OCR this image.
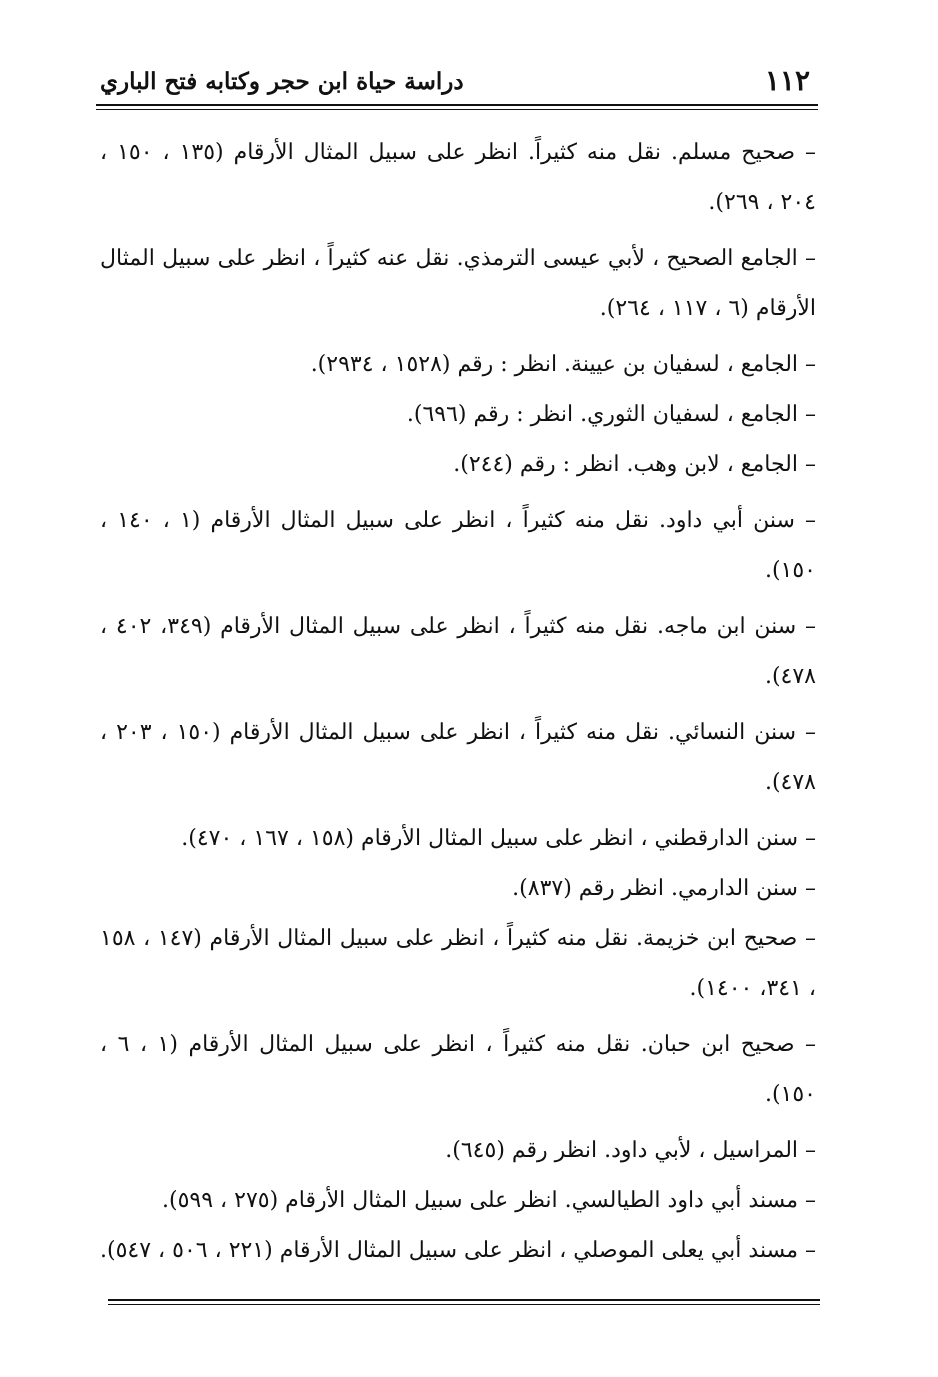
١١٢
دراسة حياة ابن حجر وكتابه فتح الباري

– صحيح مسلم. نقل منه كثيراً. انظر على سبيل المثال الأرقام (١٣٥ ، ١٥٠ ، ٢٠٤ ، ٢٦٩).

– الجامع الصحيح ، لأبي عيسى الترمذي. نقل عنه كثيراً ، انظر على سبيل المثال الأرقام (٦ ، ١١٧ ، ٢٦٤).

– الجامع ، لسفيان بن عيينة. انظر : رقم (١٥٢٨ ، ٢٩٣٤).

– الجامع ، لسفيان الثوري. انظر : رقم (٦٩٦).

– الجامع ، لابن وهب. انظر : رقم (٢٤٤).

– سنن أبي داود. نقل منه كثيراً ، انظر على سبيل المثال الأرقام (١ ، ١٤٠ ، ١٥٠).

– سنن ابن ماجه. نقل منه كثيراً ، انظر على سبيل المثال الأرقام (٣٤٩، ٤٠٢ ، ٤٧٨).

– سنن النسائي. نقل منه كثيراً ، انظر على سبيل المثال الأرقام (١٥٠ ، ٢٠٣ ، ٤٧٨).

– سنن الدارقطني ، انظر على سبيل المثال الأرقام (١٥٨ ، ١٦٧ ، ٤٧٠).

– سنن الدارمي. انظر رقم (٨٣٧).

– صحيح ابن خزيمة. نقل منه كثيراً ، انظر على سبيل المثال الأرقام (١٤٧ ، ١٥٨ ، ٣٤١، ١٤٠٠).

– صحيح ابن حبان. نقل منه كثيراً ، انظر على سبيل المثال الأرقام (١ ، ٦ ، ١٥٠).

– المراسيل ، لأبي داود. انظر رقم (٦٤٥).

– مسند أبي داود الطيالسي. انظر على سبيل المثال الأرقام (٢٧٥ ، ٥٩٩).

– مسند أبي يعلى الموصلي ، انظر على سبيل المثال الأرقام (٢٢١ ، ٥٠٦ ، ٥٤٧).
